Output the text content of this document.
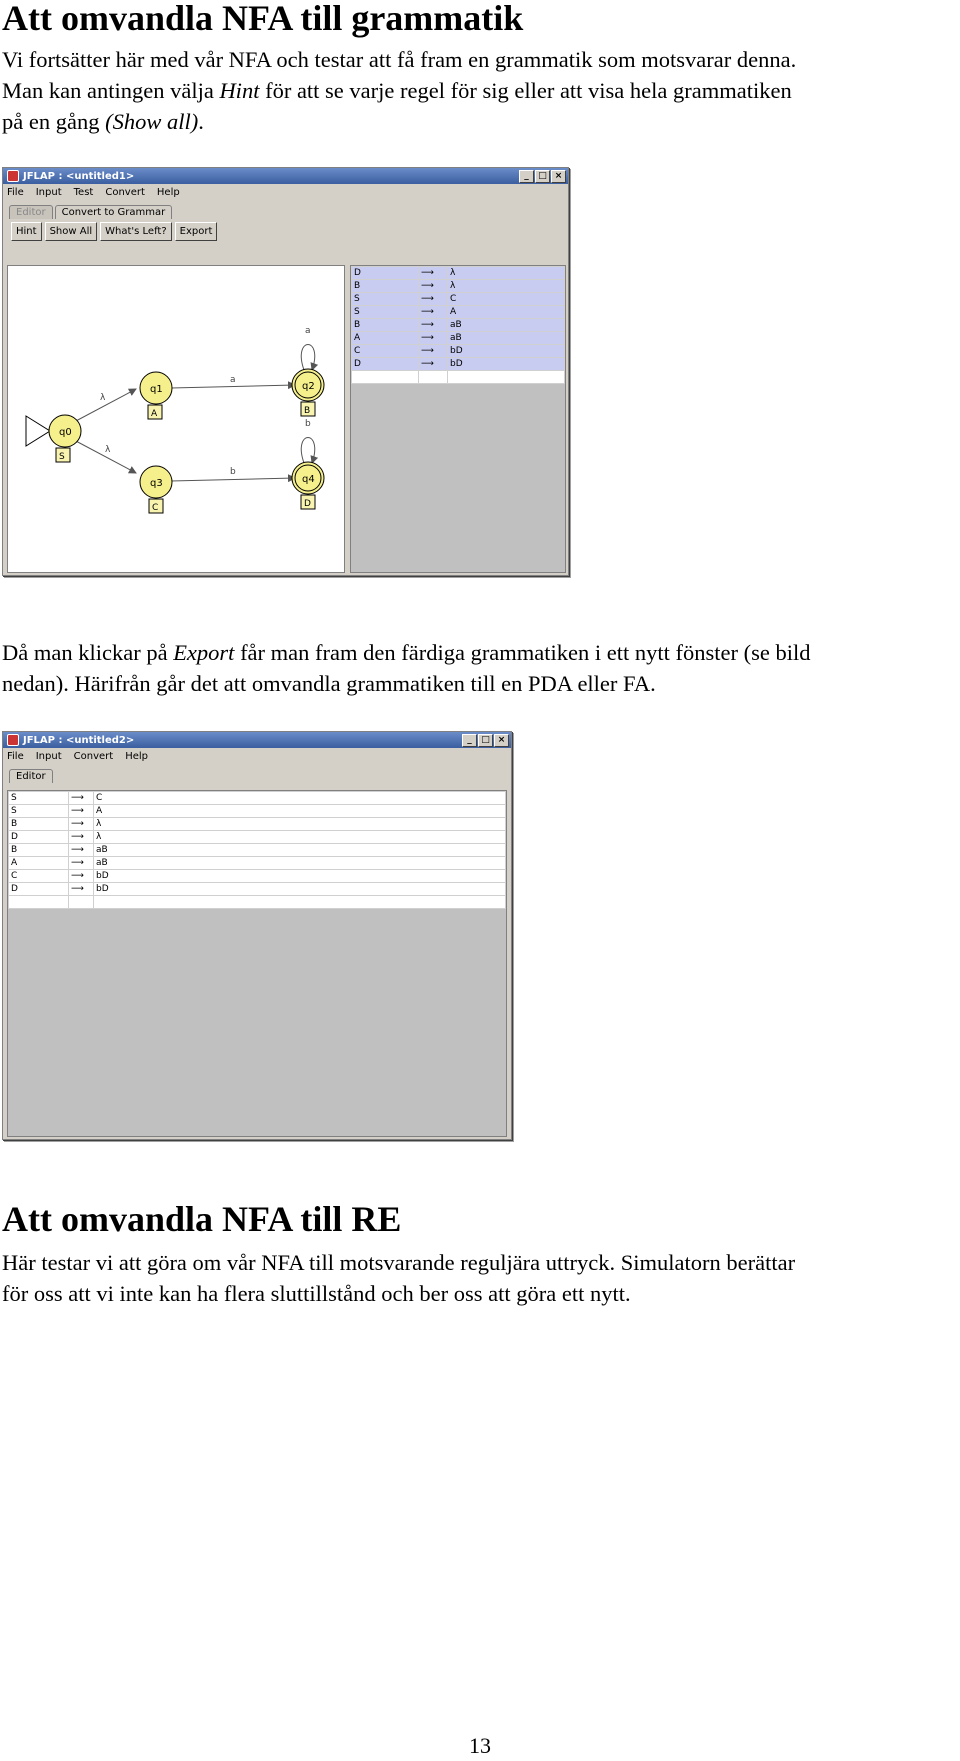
Att omvandla NFA till grammatik
Vi fortsätter här med vår NFA och testar att få fram en grammatik som motsvarar denna.
Man kan antingen välja Hint för att se varje regel för sig eller att visa hela grammatiken
på en gång (Show all).
JFLAP : <untitled1>	_	□ ×
File Input Test Convert Help
Editor	Convert to Grammar
Hint	Show All	What's Left?	Export
λ
λ
a
b
a
b
q0
S
q1
A
q2
B
q3
C
q4
D
D	⟶	λ
B	⟶	λ
S	⟶	C
S	⟶	A
B	⟶	aB
A	⟶	aB
C	⟶	bD
D	⟶	bD

Då man klickar på Export får man fram den färdiga grammatiken i ett nytt fönster (se bild
nedan). Härifrån går det att omvandla grammatiken till en PDA eller FA.
JFLAP : <untitled2>	_	□ ×
File Input Convert Help
Editor
S	⟶	C
S	⟶	A
B	⟶	λ
D	⟶	λ
B	⟶	aB
A	⟶	aB
C	⟶	bD
D	⟶	bD

Att omvandla NFA till RE
Här testar vi att göra om vår NFA till motsvarande reguljära uttryck. Simulatorn berättar
för oss att vi inte kan ha flera sluttillstånd och ber oss att göra ett nytt.
13
